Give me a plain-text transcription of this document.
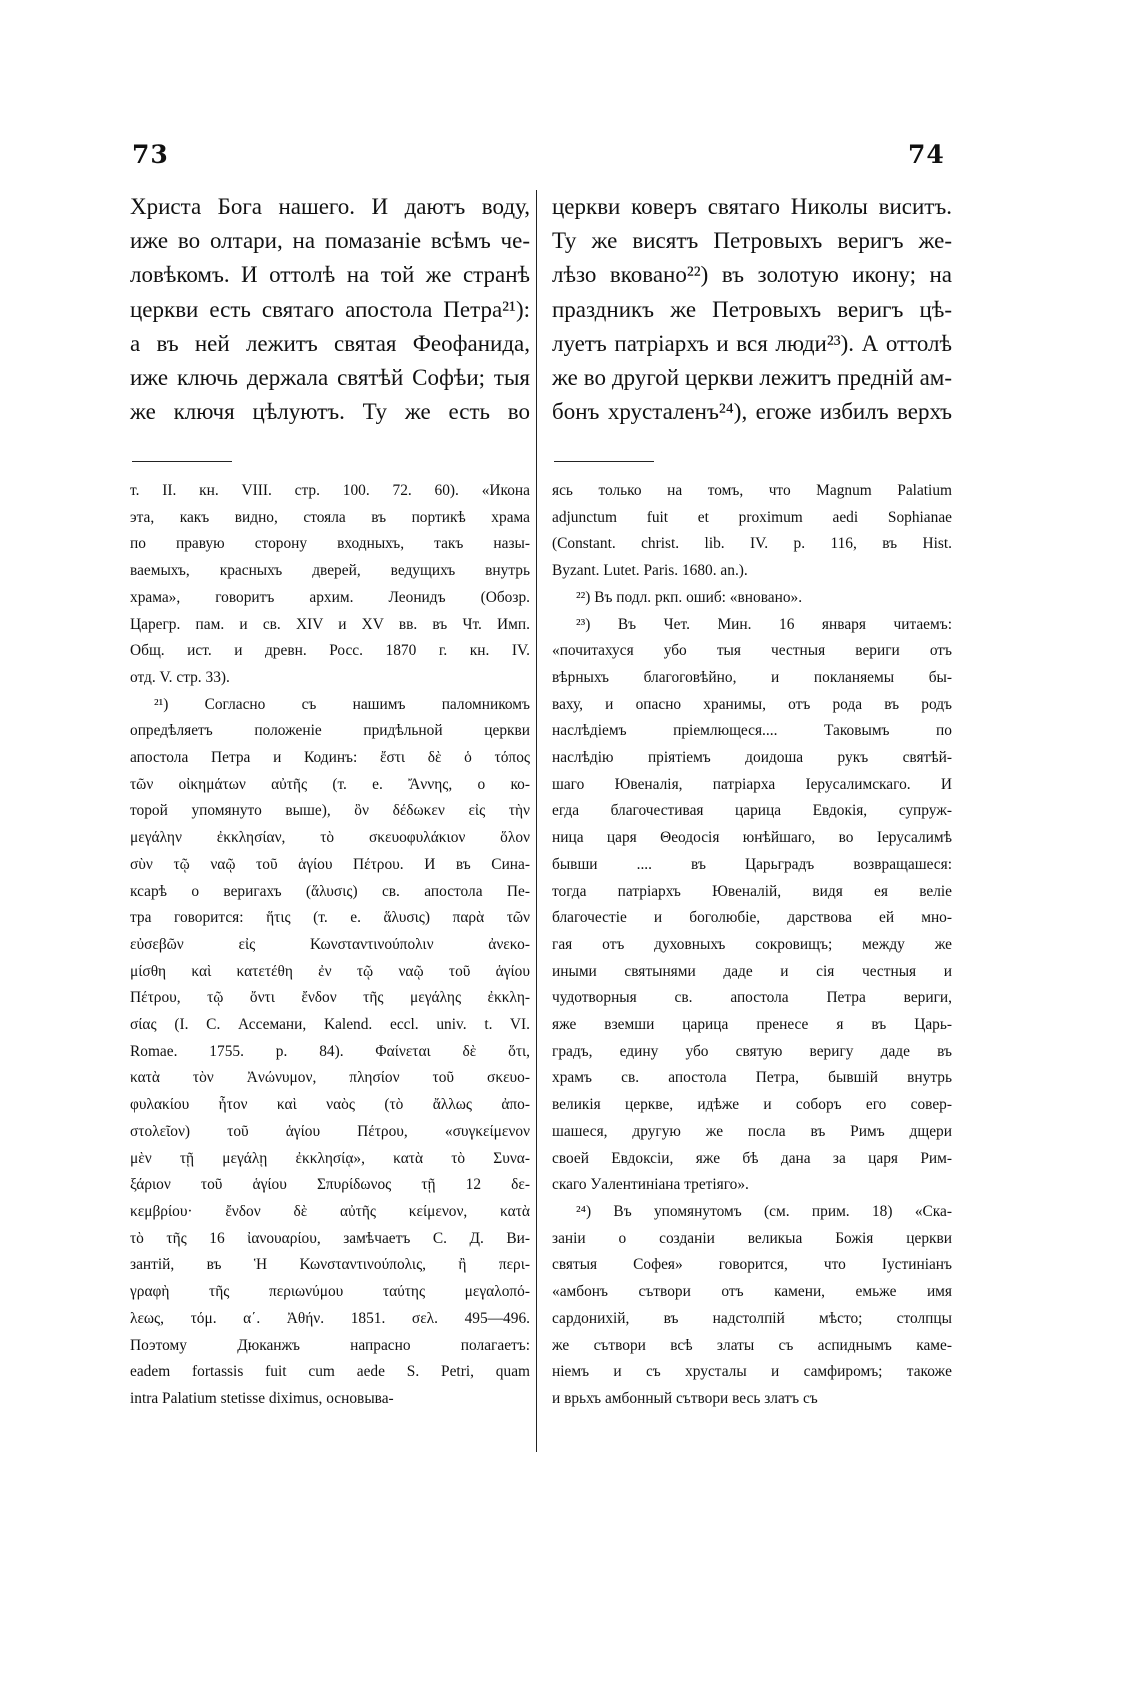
73	74
Христа Бога нашего. И даютъ воду,
иже во олтари, на помазаніе всѣмъ че-
ловѣкомъ. И оттолѣ на той же странѣ
церкви есть святаго апостола Петра²¹):
а въ ней лежитъ святая Феофанида,
иже ключь держала святѣй Софѣи; тыя
же ключя цѣлуютъ. Ту же есть во
т. II. кн. VIII. стр. 100. 72. 60). «Икона
эта, какъ видно, стояла въ портикѣ храма
по правую сторону входныхъ, такъ назы-
ваемыхъ, красныхъ дверей, ведущихъ внутрь
храма», говоритъ архим. Леонидъ (Обозр.
Царегр. пам. и св. XIV и XV вв. въ Чт. Имп.
Общ. ист. и древн. Росс. 1870 г. кн. IV.
отд. V. стр. 33).
²¹) Согласно съ нашимъ паломникомъ
опредѣляетъ положеніе придѣльной церкви
апостола Петра и Кодинъ: ἔστι δὲ ὁ τόπος
τῶν οἰκημάτων αὐτῆς (т. е. Ἄννης, о ко-
торой упомянуто выше), ὃν δέδωκεν εἰς τὴν
μεγάλην ἐκκλησίαν, τὸ σκευοφυλάκιον ὅλον
σὺν τῷ ναῷ τοῦ ἁγίου Πέτρου. И въ Сина-
ксарѣ о веригахъ (ἅλυσις) св. апостола Пе-
тра говорится: ἥτις (т. е. ἅλυσις) παρὰ τῶν
εὐσεβῶν εἰς Κωνσταντινούπολιν ἀνεκο-
μίσθη καὶ κατετέθη ἐν τῷ ναῷ τοῦ ἁγίου
Πέτρου, τῷ ὄντι ἔνδον τῆς μεγάλης ἐκκλη-
σίας (I. C. Ассемани, Kalend. eccl. univ. t. VI.
Romae. 1755. p. 84). Φαίνεται δὲ ὅτι,
κατὰ τὸν Ἀνώνυμον, πλησίον τοῦ σκευο-
φυλακίου ἦτον καὶ ναὸς (τὸ ἄλλως ἀπο-
στολεῖον) τοῦ ἁγίου Πέτρου, «συγκείμενον
μὲν τῇ μεγάλῃ ἐκκλησίᾳ», κατὰ τὸ Συνα-
ξάριον τοῦ ἁγίου Σπυρίδωνος τῇ 12 δε-
κεμβρίου· ἔνδον δὲ αὐτῆς κείμενον, κατὰ
τὸ τῆς 16 ἰανουαρίου, замѣчаетъ С. Д. Ви-
зантій, въ Ἡ Κωνσταντινούπολις, ἢ περι-
γραφὴ τῆς περιωνύμου ταύτης μεγαλοπό-
λεως, τόμ. α΄. Ἀθήν. 1851. σελ. 495—496.
Поэтому Дюканжъ напрасно полагаетъ:
eadem fortassis fuit cum aede S. Petri, quam
intra Palatium stetisse diximus, основыва-
церкви коверъ святаго Николы виситъ.
Ту же висятъ Петровыхъ веригъ же-
лѣзо вковано²²) въ золотую икону; на
праздникъ же Петровыхъ веригъ цѣ-
луетъ патріархъ и вся люди²³). А оттолѣ
же во другой церкви лежитъ предній ам-
бонъ хрусталенъ²⁴), егоже избилъ верхъ
ясь только на томъ, что Magnum Palatium
adjunctum fuit et proximum aedi Sophianae
(Constant. christ. lib. IV. p. 116, въ Hist.
Byzant. Lutet. Paris. 1680. an.).
²²) Въ подл. ркп. ошиб: «вновано».
²³) Въ Чет. Мин. 16 января читаемъ:
«почитахуся убо тыя честныя вериги отъ
вѣрныхъ благоговѣйно, и покланяемы бы-
ваху, и опасно хранимы, отъ рода въ родъ
наслѣдіемъ пріемлющеся.... Таковымъ по
наслѣдію пріятіемъ доидоша рукъ святѣй-
шаго Ювеналія, патріарха Іерусалимскаго. И
егда благочестивая царица Евдокія, супруж-
ница царя Θеодосія юнѣйшаго, во Іерусалимѣ
бывши .... въ Царьградъ возвращашеся:
тогда патріархъ Ювеналій, видя ея веліе
благочестіе и боголюбіе, дарствова ей мно-
гая отъ духовныхъ сокровищъ; между же
иными святынями даде и сія честныя и
чудотворныя св. апостола Петра вериги,
яже вземши царица пренесе я въ Царь-
градъ, едину убо святую веригу даде въ
храмъ св. апостола Петра, бывшій внутрь
великія церкве, идѣже и соборъ его совер-
шашеся, другую же посла въ Римъ дщери
своей Евдоксіи, яже бѣ дана за царя Рим-
скаго Уалентиніана третіяго».
²⁴) Въ упомянутомъ (см. прим. 18) «Ска-
заніи о созданіи великыа Божія церкви
святыя Софея» говорится, что Іустиніанъ
«амбонъ сътвори отъ камени, емьже имя
сардонихій, въ надстолпій мѣсто; столпцы
же сътвори всѣ златы съ аспиднымъ каме-
ніемъ и съ хрусталы и самфиромъ; такожe
и врьхъ амбонный сътвори весь златъ съ
